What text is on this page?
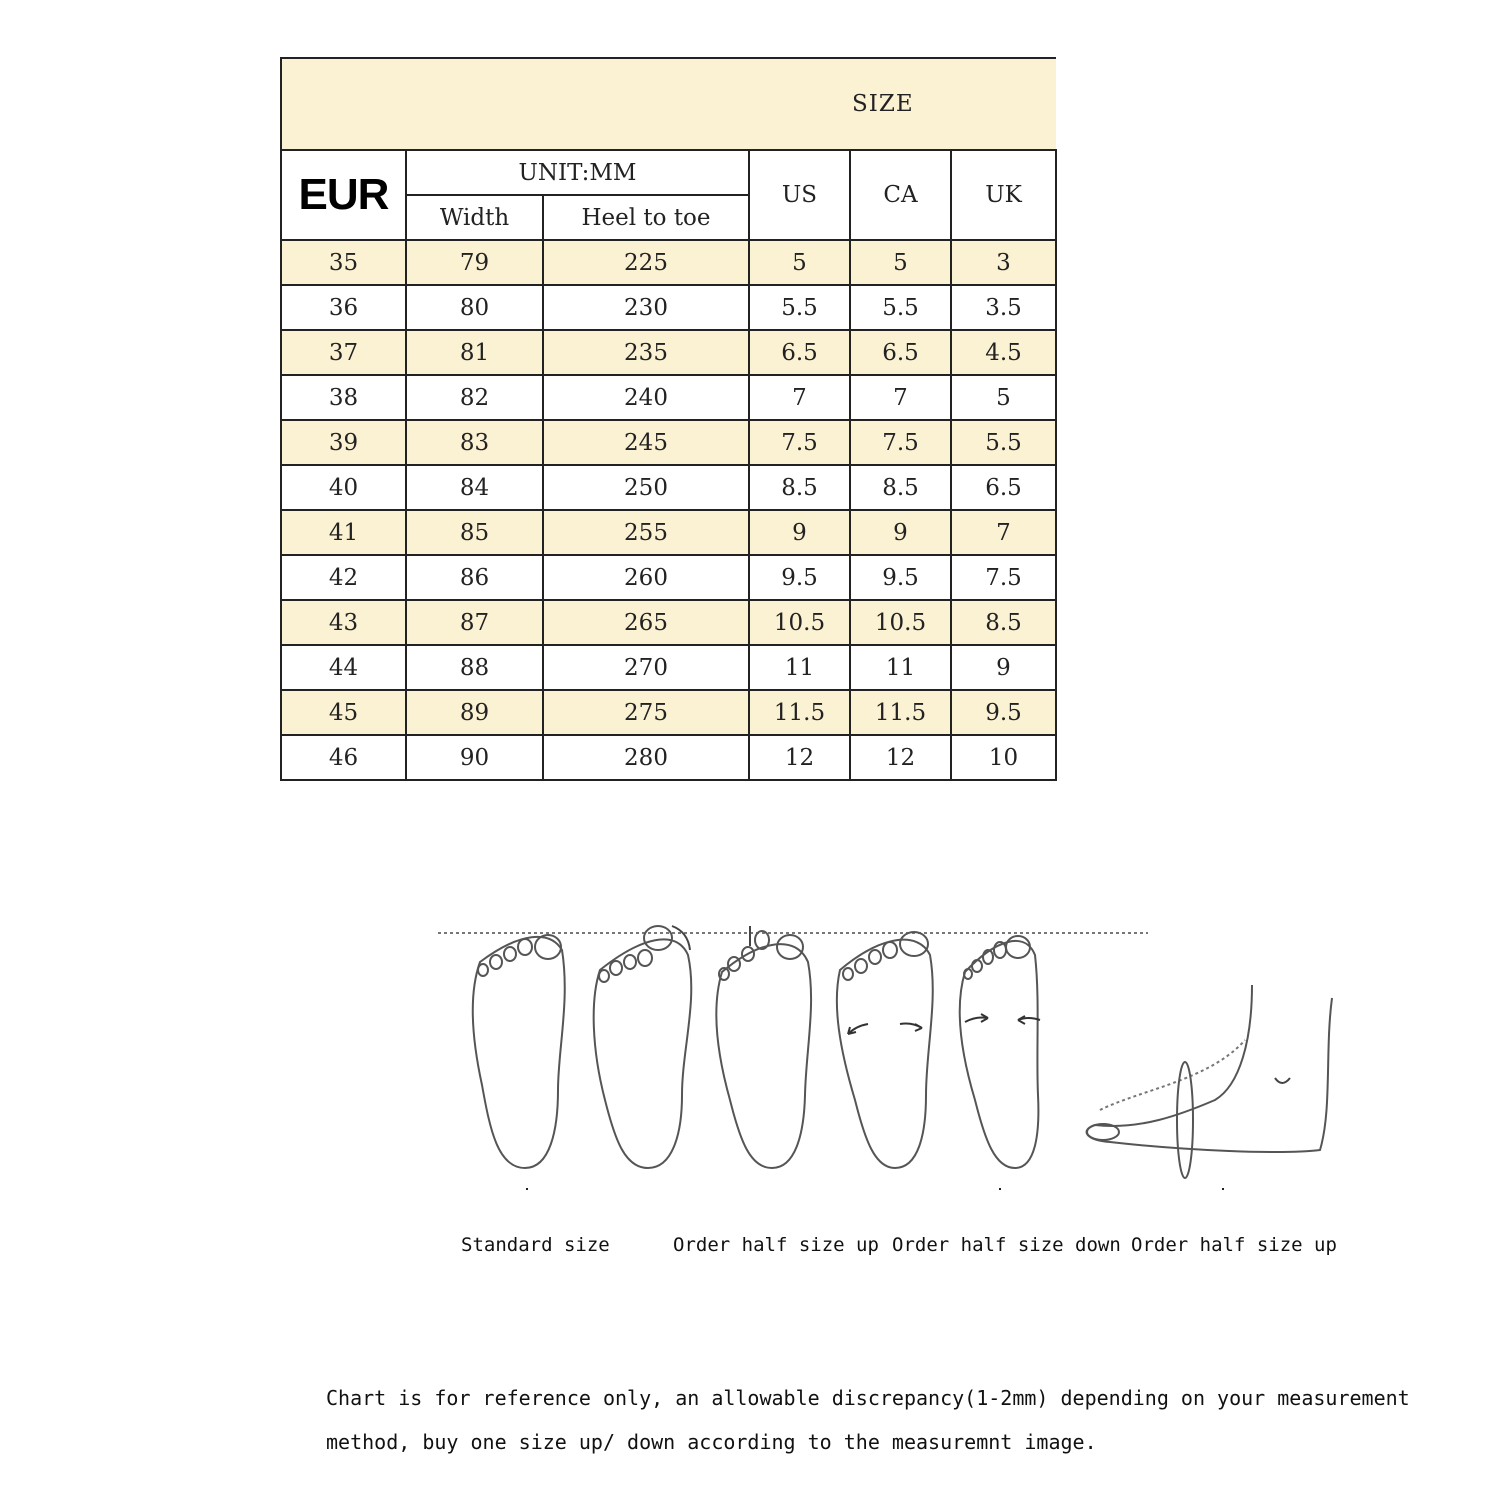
SIZE					
EUR	UNIT:MM		US	CA	UK
	Width	Heel to toe			
35	79	225	5	5	3
36	80	230	5.5	5.5	3.5
37	81	235	6.5	6.5	4.5
38	82	240	7	7	5
39	83	245	7.5	7.5	5.5
40	84	250	8.5	8.5	6.5
41	85	255	9	9	7
42	86	260	9.5	9.5	7.5
43	87	265	10.5	10.5	8.5
44	88	270	11	11	9
45	89	275	11.5	11.5	9.5
46	90	280	12	12	10
Standard size	Order half size up Order half size down Order half size up
Chart is for reference only, an allowable discrepancy(1-2mm) depending on your measurement method, buy one size up/ down according to the measuremnt image.
